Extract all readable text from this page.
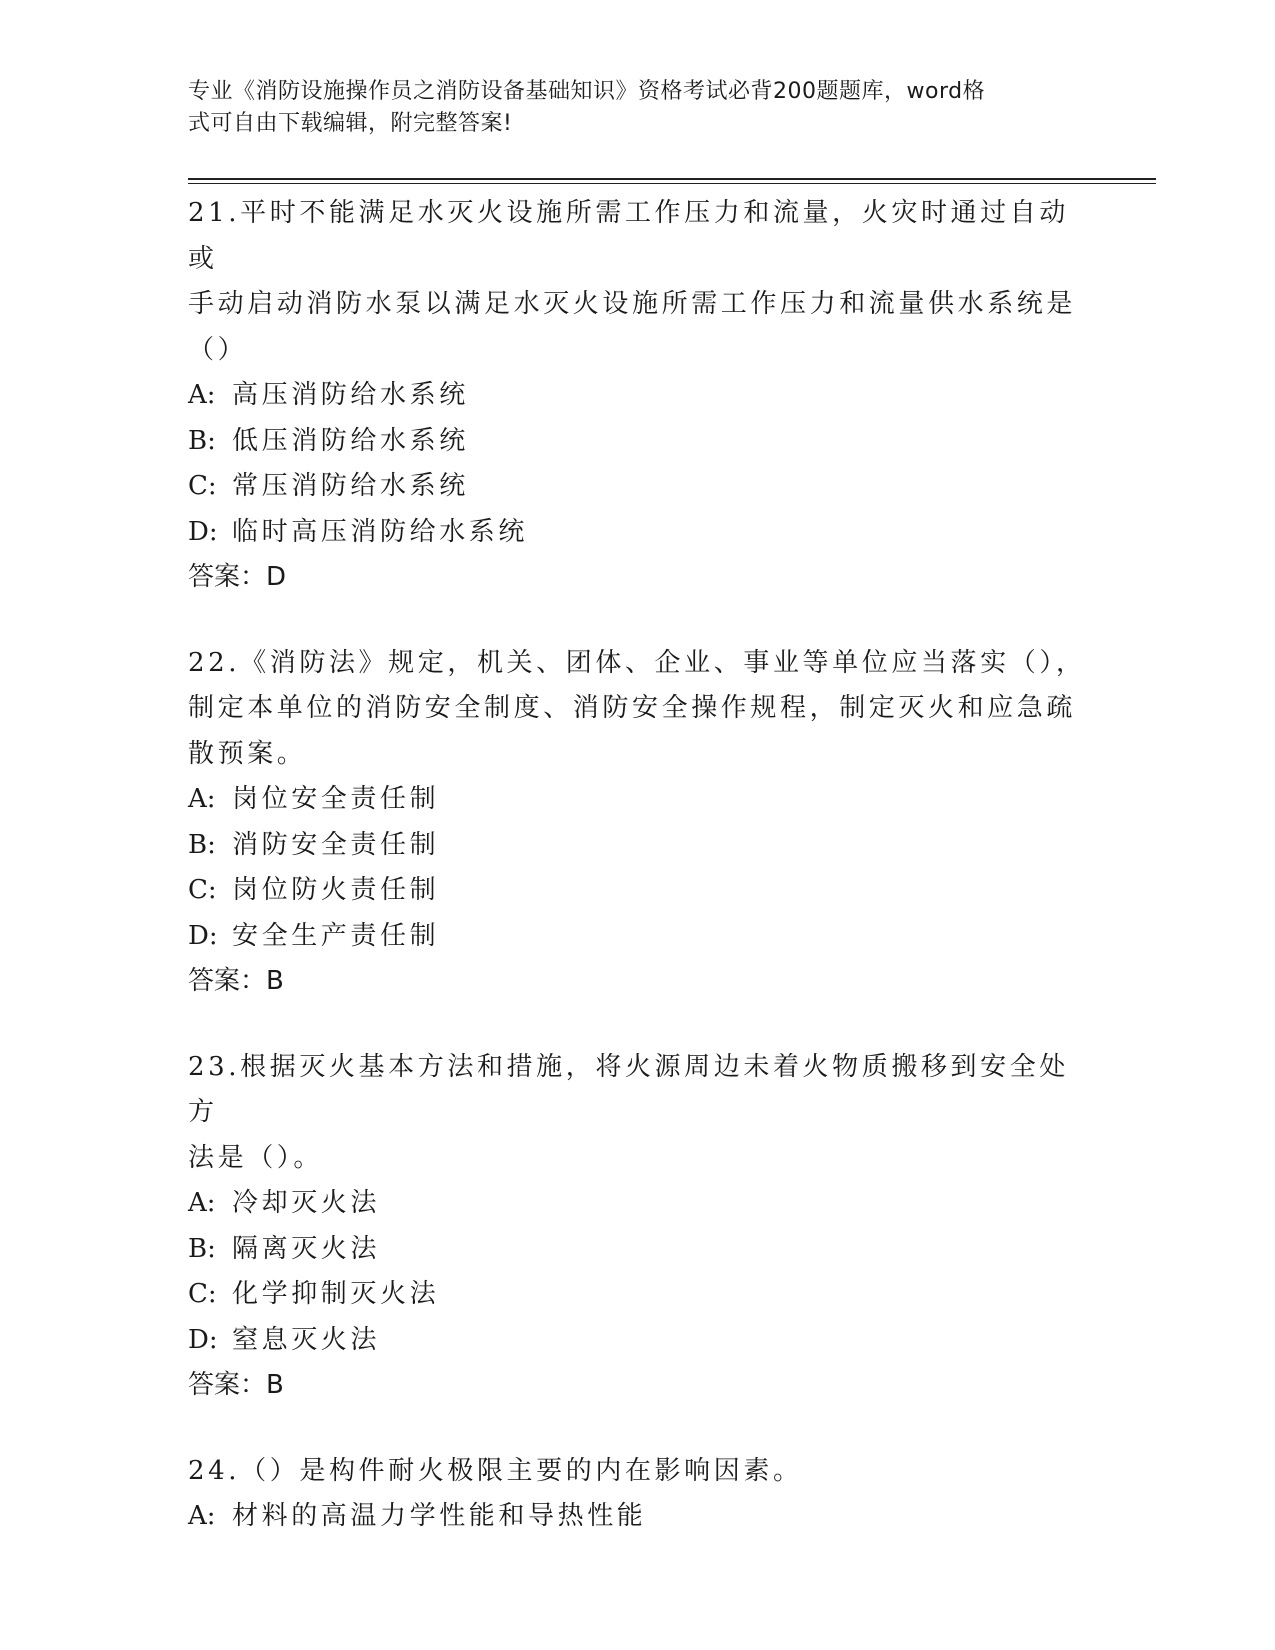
专业《消防设施操作员之消防设备基础知识》资格考试必背200题题库，word格
式可自由下载编辑，附完整答案!

21.平时不能满足水灭火设施所需工作压力和流量，火灾时通过自动或

手动启动消防水泵以满足水灭火设施所需工作压力和流量供水系统是

（）

A: 高压消防给水系统

B: 低压消防给水系统

C: 常压消防给水系统

D: 临时高压消防给水系统

答案：D

22.《消防法》规定，机关、团体、企业、事业等单位应当落实（），

制定本单位的消防安全制度、消防安全操作规程，制定灭火和应急疏

散预案。

A: 岗位安全责任制

B: 消防安全责任制

C: 岗位防火责任制

D: 安全生产责任制

答案：B

23.根据灭火基本方法和措施，将火源周边未着火物质搬移到安全处方

法是（）。

A: 冷却灭火法

B: 隔离灭火法

C: 化学抑制灭火法

D: 窒息灭火法

答案：B

24.（）是构件耐火极限主要的内在影响因素。

A: 材料的高温力学性能和导热性能
